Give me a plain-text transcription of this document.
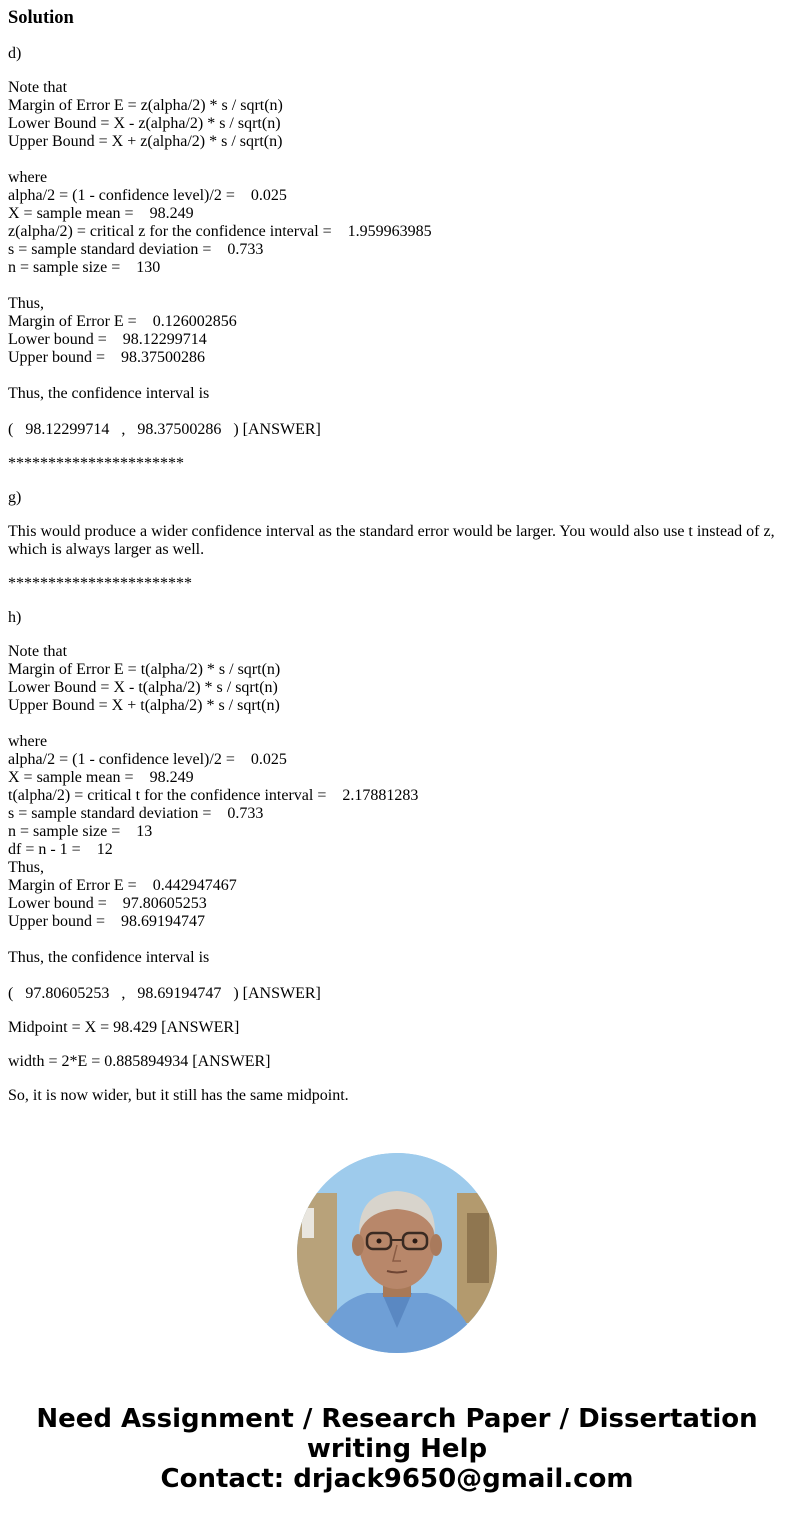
Solution
d)
Note that
Margin of Error E = z(alpha/2) * s / sqrt(n)
Lower Bound = X - z(alpha/2) * s / sqrt(n)
Upper Bound = X + z(alpha/2) * s / sqrt(n)
where
alpha/2 = (1 - confidence level)/2 =    0.025
X = sample mean =    98.249
z(alpha/2) = critical z for the confidence interval =    1.959963985
s = sample standard deviation =    0.733
n = sample size =    130
Thus,
Margin of Error E =    0.126002856
Lower bound =    98.12299714
Upper bound =    98.37500286
Thus, the confidence interval is
(   98.12299714   ,   98.37500286   ) [ANSWER]
**********************
g)
This would produce a wider confidence interval as the standard error would be larger. You would also use t instead of z, which is always larger as well.
***********************
h)
Note that
Margin of Error E = t(alpha/2) * s / sqrt(n)
Lower Bound = X - t(alpha/2) * s / sqrt(n)
Upper Bound = X + t(alpha/2) * s / sqrt(n)
where
alpha/2 = (1 - confidence level)/2 =    0.025
X = sample mean =    98.249
t(alpha/2) = critical t for the confidence interval =    2.17881283
s = sample standard deviation =    0.733
n = sample size =    13
df = n - 1 =    12
Thus,
Margin of Error E =    0.442947467
Lower bound =    97.80605253
Upper bound =    98.69194747
Thus, the confidence interval is
(   97.80605253   ,   98.69194747   ) [ANSWER]
Midpoint = X = 98.429 [ANSWER]
width = 2*E = 0.885894934 [ANSWER]
So, it is now wider, but it still has the same midpoint.
Need Assignment / Research Paper / Dissertation
writing Help
Contact: drjack9650@gmail.com
